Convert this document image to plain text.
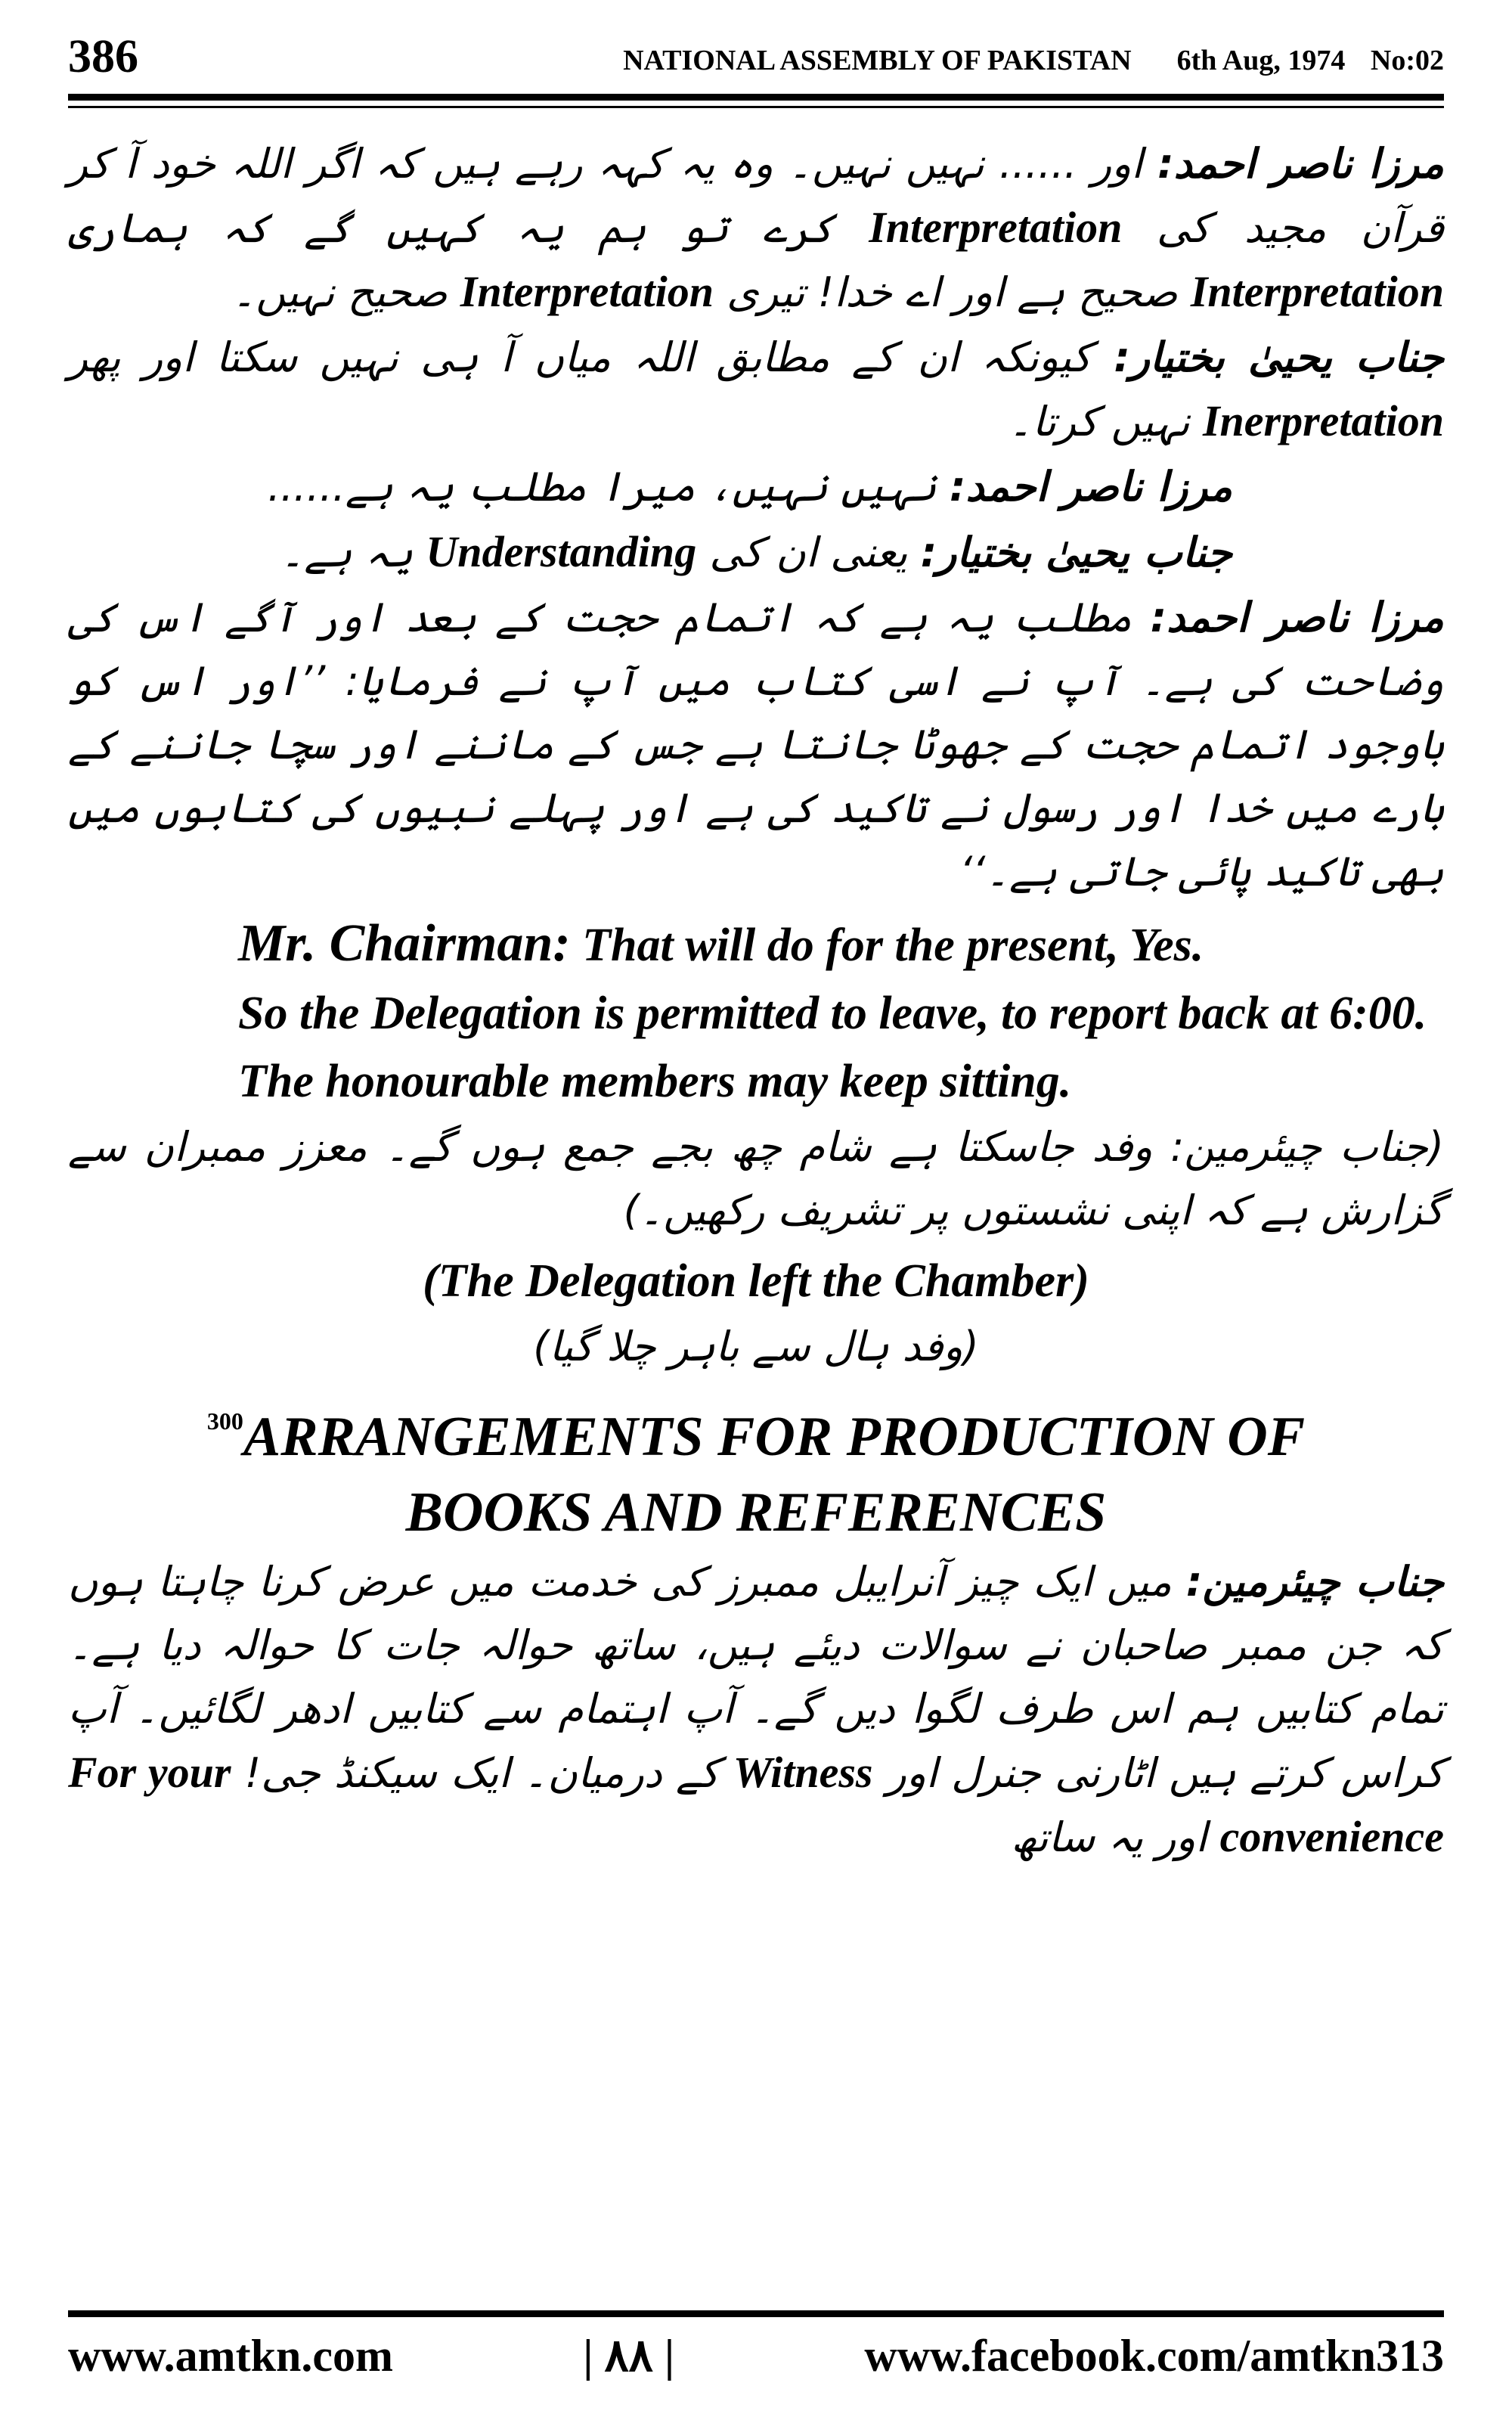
386	NATIONAL ASSEMBLY OF PAKISTAN 6th Aug, 1974 No:02

مرزا ناصر احمد: اور ...... نہیں نہیں۔ وہ یہ کہہ رہے ہیں کہ اگر اللہ خود آ کر قرآن مجید کی Interpretation کرے تو ہم یہ کہیں گے کہ ہماری Interpretation صحیح ہے اور اے خدا! تیری Interpretation صحیح نہیں۔

جناب یحییٰ بختیار: کیونکہ ان کے مطابق اللہ میاں آ ہی نہیں سکتا اور پھر Inerpretation نہیں کرتا۔

مرزا ناصر احمد: نہیں نہیں، میرا مطلب یہ ہے......

جناب یحییٰ بختیار: یعنی ان کی Understanding یہ ہے۔

مرزا ناصر احمد: مطلب یہ ہے کہ اتمام حجت کے بعد اور آگے اس کی وضاحت کی ہے۔ آپ نے اسی کتاب میں آپ نے فرمایا: ’’اور اس کو باوجود اتمام حجت کے جھوٹا جانتا ہے جس کے ماننے اور سچا جاننے کے بارے میں خدا اور رسول نے تاکید کی ہے اور پہلے نبیوں کی کتابوں میں بھی تاکید پائی جاتی ہے۔‘‘

Mr. Chairman: That will do for the present, Yes.

So the Delegation is permitted to leave, to report back at 6:00.

The honourable members may keep sitting.

(جناب چیئرمین: وفد جاسکتا ہے شام چھ بجے جمع ہوں گے۔ معزز ممبران سے گزارش ہے کہ اپنی نشستوں پر تشریف رکھیں۔)

(The Delegation left the Chamber)

(وفد ہال سے باہر چلا گیا)

$^{300}$ARRANGEMENTS FOR PRODUCTION OF
BOOKS AND REFERENCES

جناب چیئرمین: میں ایک چیز آنرایبل ممبرز کی خدمت میں عرض کرنا چاہتا ہوں کہ جن ممبر صاحبان نے سوالات دیئے ہیں، ساتھ حوالہ جات کا حوالہ دیا ہے۔ تمام کتابیں ہم اس طرف لگوا دیں گے۔ آپ اہتمام سے کتابیں ادھر لگائیں۔ آپ کراس کرتے ہیں اٹارنی جنرل اور Witness کے درمیان۔ ایک سیکنڈ جی! For your convenience اور یہ ساتھ

www.amtkn.com	| ۸۸ |	www.facebook.com/amtkn313
